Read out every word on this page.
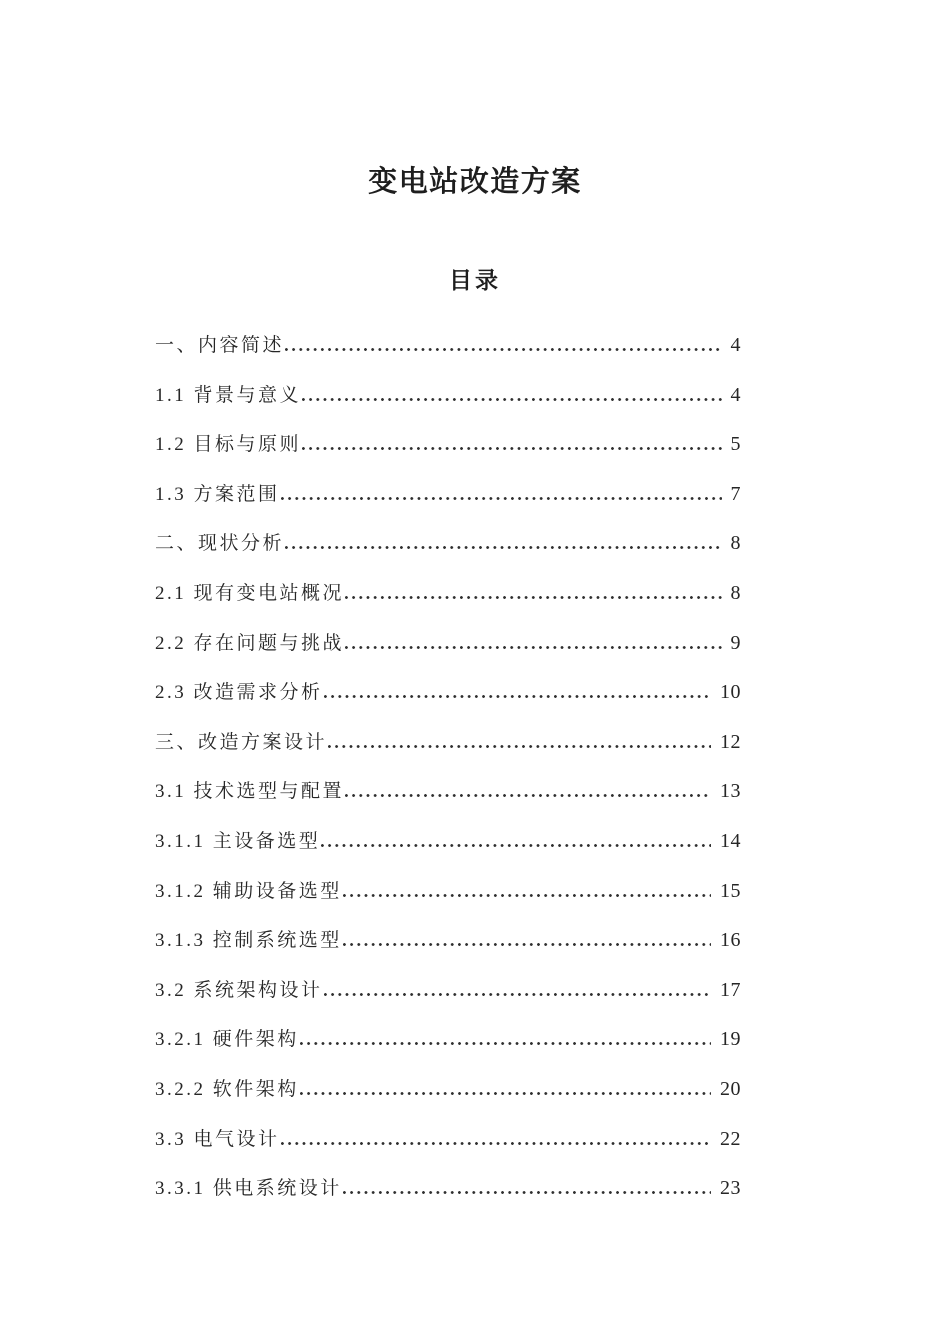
变电站改造方案
目录
一、内容简述	4
1.1 背景与意义	4
1.2 目标与原则	5
1.3 方案范围	7
二、现状分析	8
2.1 现有变电站概况	8
2.2 存在问题与挑战	9
2.3 改造需求分析	10
三、改造方案设计	12
3.1 技术选型与配置	13
3.1.1 主设备选型	14
3.1.2 辅助设备选型	15
3.1.3 控制系统选型	16
3.2 系统架构设计	17
3.2.1 硬件架构	19
3.2.2 软件架构	20
3.3 电气设计	22
3.3.1 供电系统设计	23
